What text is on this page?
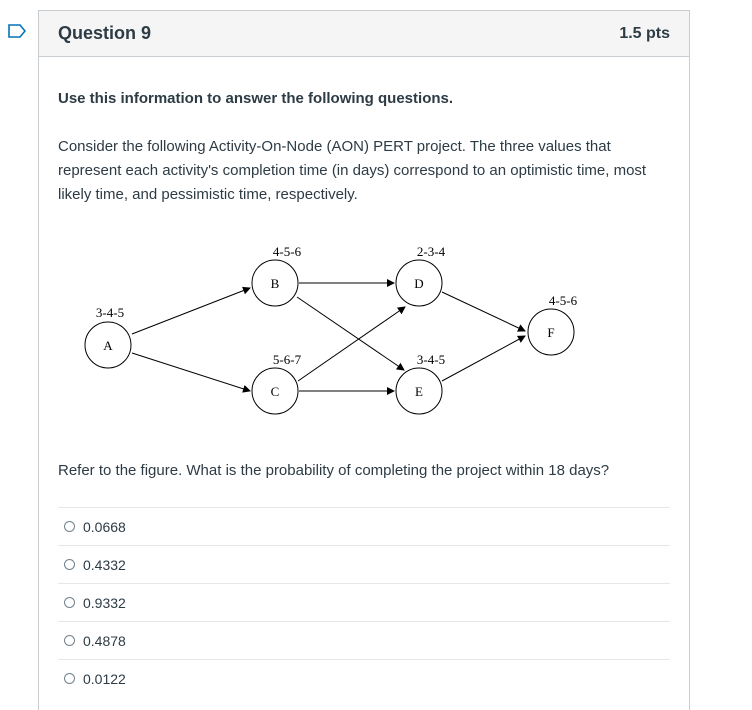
Question 9	1.5 pts
Use this information to answer the following questions.
Consider the following Activity-On-Node (AON) PERT project. The three values that represent each activity's completion time (in days) correspond to an optimistic time, most likely time, and pessimistic time, respectively.
A
B
C
D
E
F
3-4-5
4-5-6
5-6-7
2-3-4
3-4-5
4-5-6
Refer to the figure. What is the probability of completing the project within 18 days?
0.0668
0.4332
0.9332
0.4878
0.0122
